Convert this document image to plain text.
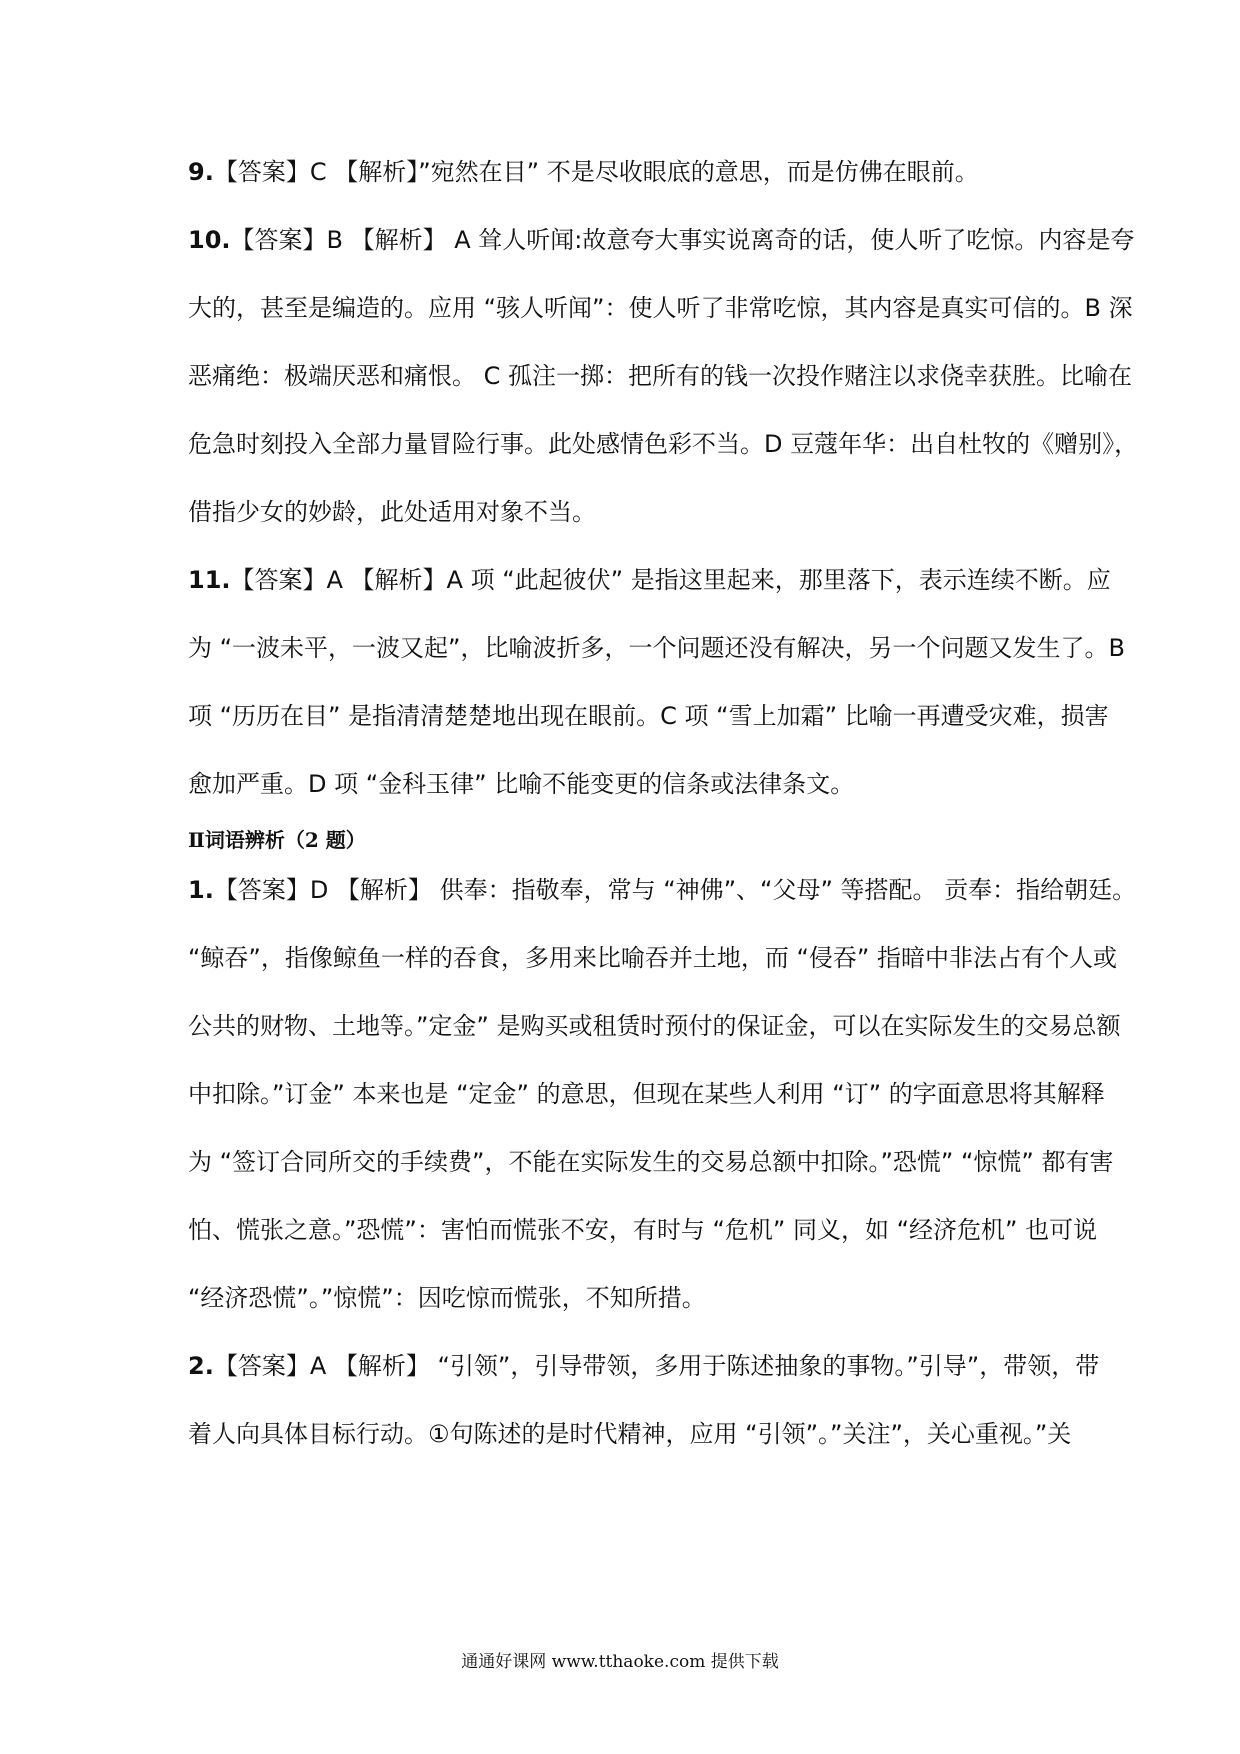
9.【答案】C 【解析】”宛然在目” 不是尽收眼底的意思，而是仿佛在眼前。
10.【答案】B 【解析】 A 耸人听闻:故意夸大事实说离奇的话，使人听了吃惊。内容是夸
大的，甚至是编造的。应用 “骇人听闻”：使人听了非常吃惊，其内容是真实可信的。B 深
恶痛绝：极端厌恶和痛恨。 C 孤注一掷：把所有的钱一次投作赌注以求侥幸获胜。比喻在
危急时刻投入全部力量冒险行事。此处感情色彩不当。D 豆蔻年华：出自杜牧的《赠别》，
借指少女的妙龄，此处适用对象不当。
11.【答案】A 【解析】A 项 “此起彼伏” 是指这里起来，那里落下，表示连续不断。应
为 “一波未平，一波又起”，比喻波折多，一个问题还没有解决，另一个问题又发生了。B
项 “历历在目” 是指清清楚楚地出现在眼前。C 项 “雪上加霜” 比喻一再遭受灾难，损害
愈加严重。D 项 “金科玉律” 比喻不能变更的信条或法律条文。
Ⅱ词语辨析（2 题）
1.【答案】D 【解析】 供奉：指敬奉，常与 “神佛”、“父母” 等搭配。 贡奉：指给朝廷。
“鲸吞”，指像鲸鱼一样的吞食，多用来比喻吞并土地，而 “侵吞” 指暗中非法占有个人或
公共的财物、土地等。”定金” 是购买或租赁时预付的保证金，可以在实际发生的交易总额
中扣除。”订金” 本来也是 “定金” 的意思，但现在某些人利用 “订” 的字面意思将其解释
为 “签订合同所交的手续费”，不能在实际发生的交易总额中扣除。”恐慌” “惊慌” 都有害
怕、慌张之意。”恐慌”：害怕而慌张不安，有时与 “危机” 同义，如 “经济危机” 也可说
“经济恐慌”。”惊慌”：因吃惊而慌张，不知所措。
2.【答案】A 【解析】 “引领”，引导带领，多用于陈述抽象的事物。”引导”，带领，带
着人向具体目标行动。①句陈述的是时代精神，应用 “引领”。”关注”，关心重视。”关
通通好课网 www.tthaoke.com 提供下载
